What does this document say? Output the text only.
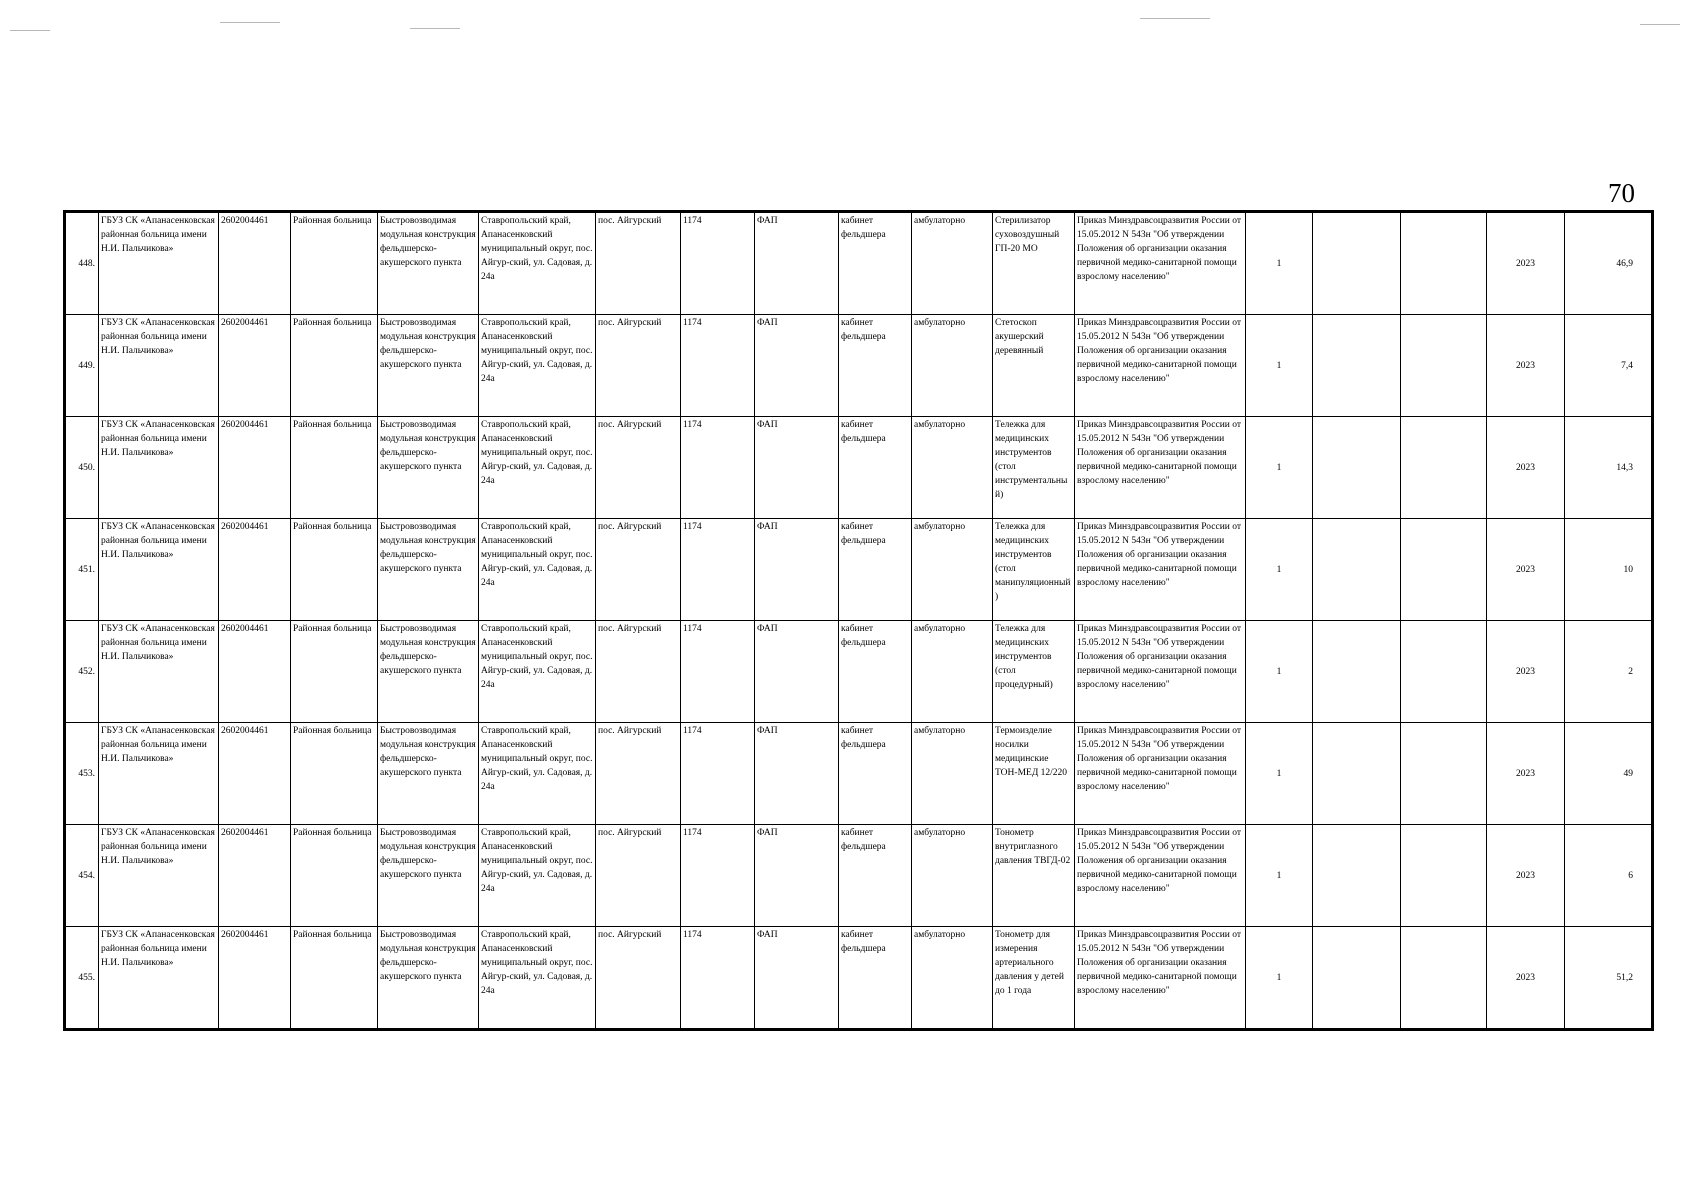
70
448.	ГБУЗ СК «Апанасенковская районная больница имени Н.И. Пальчикова»	2602004461	Районная больница	Быстровозводимая модульная конструкция фельдшерско-акушерского пункта	Ставропольский край, Апанасенковский муниципальный округ, пос. Айгур-ский, ул. Садовая, д. 24а	пос. Айгурский	1174	ФАП	кабинет фельдшера	амбулаторно	Стерилизатор суховоздушный ГП-20 МО	Приказ Минздравсоцразвития России от 15.05.2012 N 543н "Об утверждении Положения об организации оказания первичной медико-санитарной помощи взрослому населению"	1			2023	46,9
449.	ГБУЗ СК «Апанасенковская районная больница имени Н.И. Пальчикова»	2602004461	Районная больница	Быстровозводимая модульная конструкция фельдшерско-акушерского пункта	Ставропольский край, Апанасенковский муниципальный округ, пос. Айгур-ский, ул. Садовая, д. 24а	пос. Айгурский	1174	ФАП	кабинет фельдшера	амбулаторно	Стетоскоп акушерский деревянный	Приказ Минздравсоцразвития России от 15.05.2012 N 543н "Об утверждении Положения об организации оказания первичной медико-санитарной помощи взрослому населению"	1			2023	7,4
450.	ГБУЗ СК «Апанасенковская районная больница имени Н.И. Пальчикова»	2602004461	Районная больница	Быстровозводимая модульная конструкция фельдшерско-акушерского пункта	Ставропольский край, Апанасенковский муниципальный округ, пос. Айгур-ский, ул. Садовая, д. 24а	пос. Айгурский	1174	ФАП	кабинет фельдшера	амбулаторно	Тележка для медицинских инструментов (стол инструментальный)	Приказ Минздравсоцразвития России от 15.05.2012 N 543н "Об утверждении Положения об организации оказания первичной медико-санитарной помощи взрослому населению"	1			2023	14,3
451.	ГБУЗ СК «Апанасенковская районная больница имени Н.И. Пальчикова»	2602004461	Районная больница	Быстровозводимая модульная конструкция фельдшерско-акушерского пункта	Ставропольский край, Апанасенковский муниципальный округ, пос. Айгур-ский, ул. Садовая, д. 24а	пос. Айгурский	1174	ФАП	кабинет фельдшера	амбулаторно	Тележка для медицинских инструментов (стол манипуляционный)	Приказ Минздравсоцразвития России от 15.05.2012 N 543н "Об утверждении Положения об организации оказания первичной медико-санитарной помощи взрослому населению"	1			2023	10
452.	ГБУЗ СК «Апанасенковская районная больница имени Н.И. Пальчикова»	2602004461	Районная больница	Быстровозводимая модульная конструкция фельдшерско-акушерского пункта	Ставропольский край, Апанасенковский муниципальный округ, пос. Айгур-ский, ул. Садовая, д. 24а	пос. Айгурский	1174	ФАП	кабинет фельдшера	амбулаторно	Тележка для медицинских инструментов (стол процедурный)	Приказ Минздравсоцразвития России от 15.05.2012 N 543н "Об утверждении Положения об организации оказания первичной медико-санитарной помощи взрослому населению"	1			2023	2
453.	ГБУЗ СК «Апанасенковская районная больница имени Н.И. Пальчикова»	2602004461	Районная больница	Быстровозводимая модульная конструкция фельдшерско-акушерского пункта	Ставропольский край, Апанасенковский муниципальный округ, пос. Айгур-ский, ул. Садовая, д. 24а	пос. Айгурский	1174	ФАП	кабинет фельдшера	амбулаторно	Термоизделие носилки медицинские ТОН-МЕД 12/220	Приказ Минздравсоцразвития России от 15.05.2012 N 543н "Об утверждении Положения об организации оказания первичной медико-санитарной помощи взрослому населению"	1			2023	49
454.	ГБУЗ СК «Апанасенковская районная больница имени Н.И. Пальчикова»	2602004461	Районная больница	Быстровозводимая модульная конструкция фельдшерско-акушерского пункта	Ставропольский край, Апанасенковский муниципальный округ, пос. Айгур-ский, ул. Садовая, д. 24а	пос. Айгурский	1174	ФАП	кабинет фельдшера	амбулаторно	Тонометр внутриглазного давления ТВГД-02	Приказ Минздравсоцразвития России от 15.05.2012 N 543н "Об утверждении Положения об организации оказания первичной медико-санитарной помощи взрослому населению"	1			2023	6
455.	ГБУЗ СК «Апанасенковская районная больница имени Н.И. Пальчикова»	2602004461	Районная больница	Быстровозводимая модульная конструкция фельдшерско-акушерского пункта	Ставропольский край, Апанасенковский муниципальный округ, пос. Айгур-ский, ул. Садовая, д. 24а	пос. Айгурский	1174	ФАП	кабинет фельдшера	амбулаторно	Тонометр для измерения артериального давления у детей до 1 года	Приказ Минздравсоцразвития России от 15.05.2012 N 543н "Об утверждении Положения об организации оказания первичной медико-санитарной помощи взрослому населению"	1			2023	51,2
